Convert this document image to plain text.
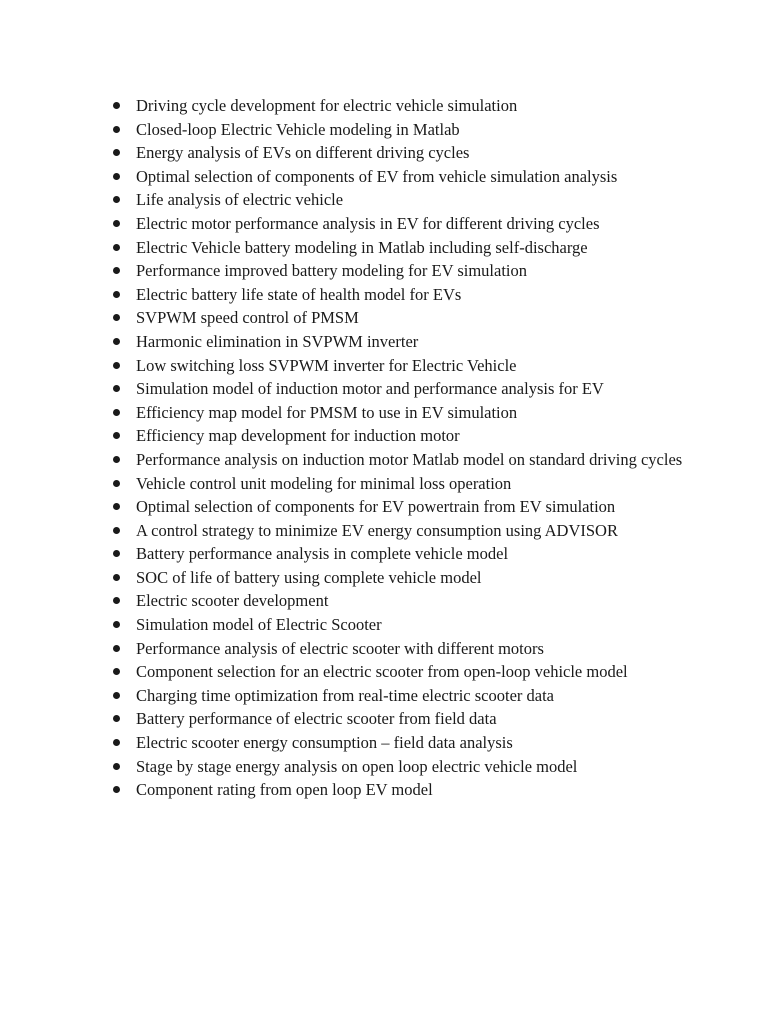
Driving cycle development for electric vehicle simulation
Closed-loop Electric Vehicle modeling in Matlab
Energy analysis of EVs on different driving cycles
Optimal selection of components of EV from vehicle simulation analysis
Life analysis of electric vehicle
Electric motor performance analysis in EV for different driving cycles
Electric Vehicle battery modeling in Matlab including self-discharge
Performance improved battery modeling for EV simulation
Electric battery life state of health model for EVs
SVPWM speed control of PMSM
Harmonic elimination in SVPWM inverter
Low switching loss SVPWM inverter for Electric Vehicle
Simulation model of induction motor and performance analysis for EV
Efficiency map model for PMSM to use in EV simulation
Efficiency map development for induction motor
Performance analysis on induction motor Matlab model on standard driving cycles
Vehicle control unit modeling for minimal loss operation
Optimal selection of components for EV powertrain from EV simulation
A control strategy to minimize EV energy consumption using ADVISOR
Battery performance analysis in complete vehicle model
SOC of life of battery using complete vehicle model
Electric scooter development
Simulation model of Electric Scooter
Performance analysis of electric scooter with different motors
Component selection for an electric scooter from open-loop vehicle model
Charging time optimization from real-time electric scooter data
Battery performance of electric scooter from field data
Electric scooter energy consumption – field data analysis
Stage by stage energy analysis on open loop electric vehicle model
Component rating from open loop EV model
